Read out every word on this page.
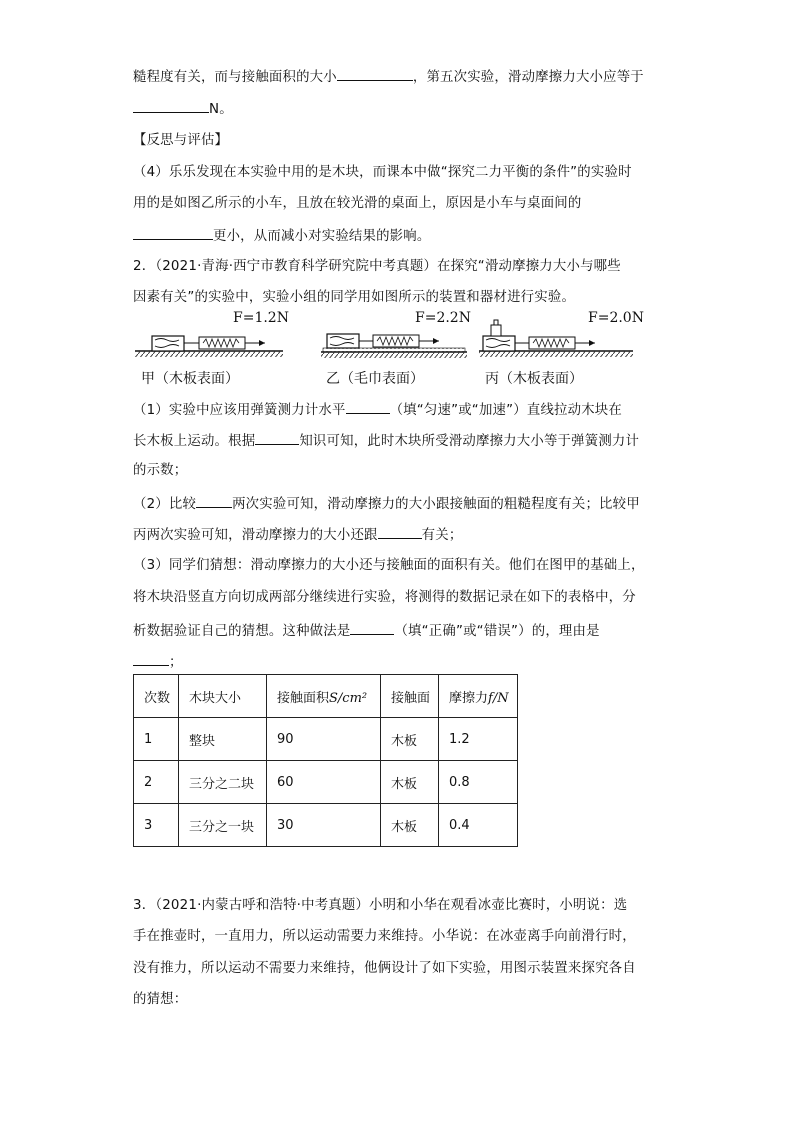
糙程度有关，而与接触面积的大小	，第五次实验，滑动摩擦力大小应等于
N。
【反思与评估】
（4）乐乐发现在本实验中用的是木块，而课本中做“探究二力平衡的条件”的实验时
用的是如图乙所示的小车，且放在较光滑的桌面上，原因是小车与桌面间的
更小，从而减小对实验结果的影响。
2．（2021·青海·西宁市教育科学研究院中考真题）在探究“滑动摩擦力大小与哪些
因素有关”的实验中，实验小组的同学用如图所示的装置和器材进行实验。
F=1.2N	F=2.2N	F=2.0N
甲（木板表面）	乙（毛巾表面）	丙（木板表面）
（1）实验中应该用弹簧测力计水平	（填“匀速”或“加速”）直线拉动木块在
长木板上运动。根据	知识可知，此时木块所受滑动摩擦力大小等于弹簧测力计
的示数；
（2）比较	两次实验可知，滑动摩擦力的大小跟接触面的粗糙程度有关；比较甲
丙两次实验可知，滑动摩擦力的大小还跟	有关；
（3）同学们猜想：滑动摩擦力的大小还与接触面的面积有关。他们在图甲的基础上，
将木块沿竖直方向切成两部分继续进行实验，将测得的数据记录在如下的表格中，分
析数据验证自己的猜想。这种做法是	（填“正确”或“错误”）的，理由是
次数	木块大小	接触面积S/cm²	接触面	摩擦力f/N
1	整块	90	木板	1.2
2	三分之二块	60	木板	0.8
3	三分之一块	30	木板	0.4
3．（2021·内蒙古呼和浩特·中考真题）小明和小华在观看冰壶比赛时，小明说：选
手在推壶时，一直用力，所以运动需要力来维持。小华说：在冰壶离手向前滑行时，
没有推力，所以运动不需要力来维持，他俩设计了如下实验，用图示装置来探究各自
的猜想：
；
